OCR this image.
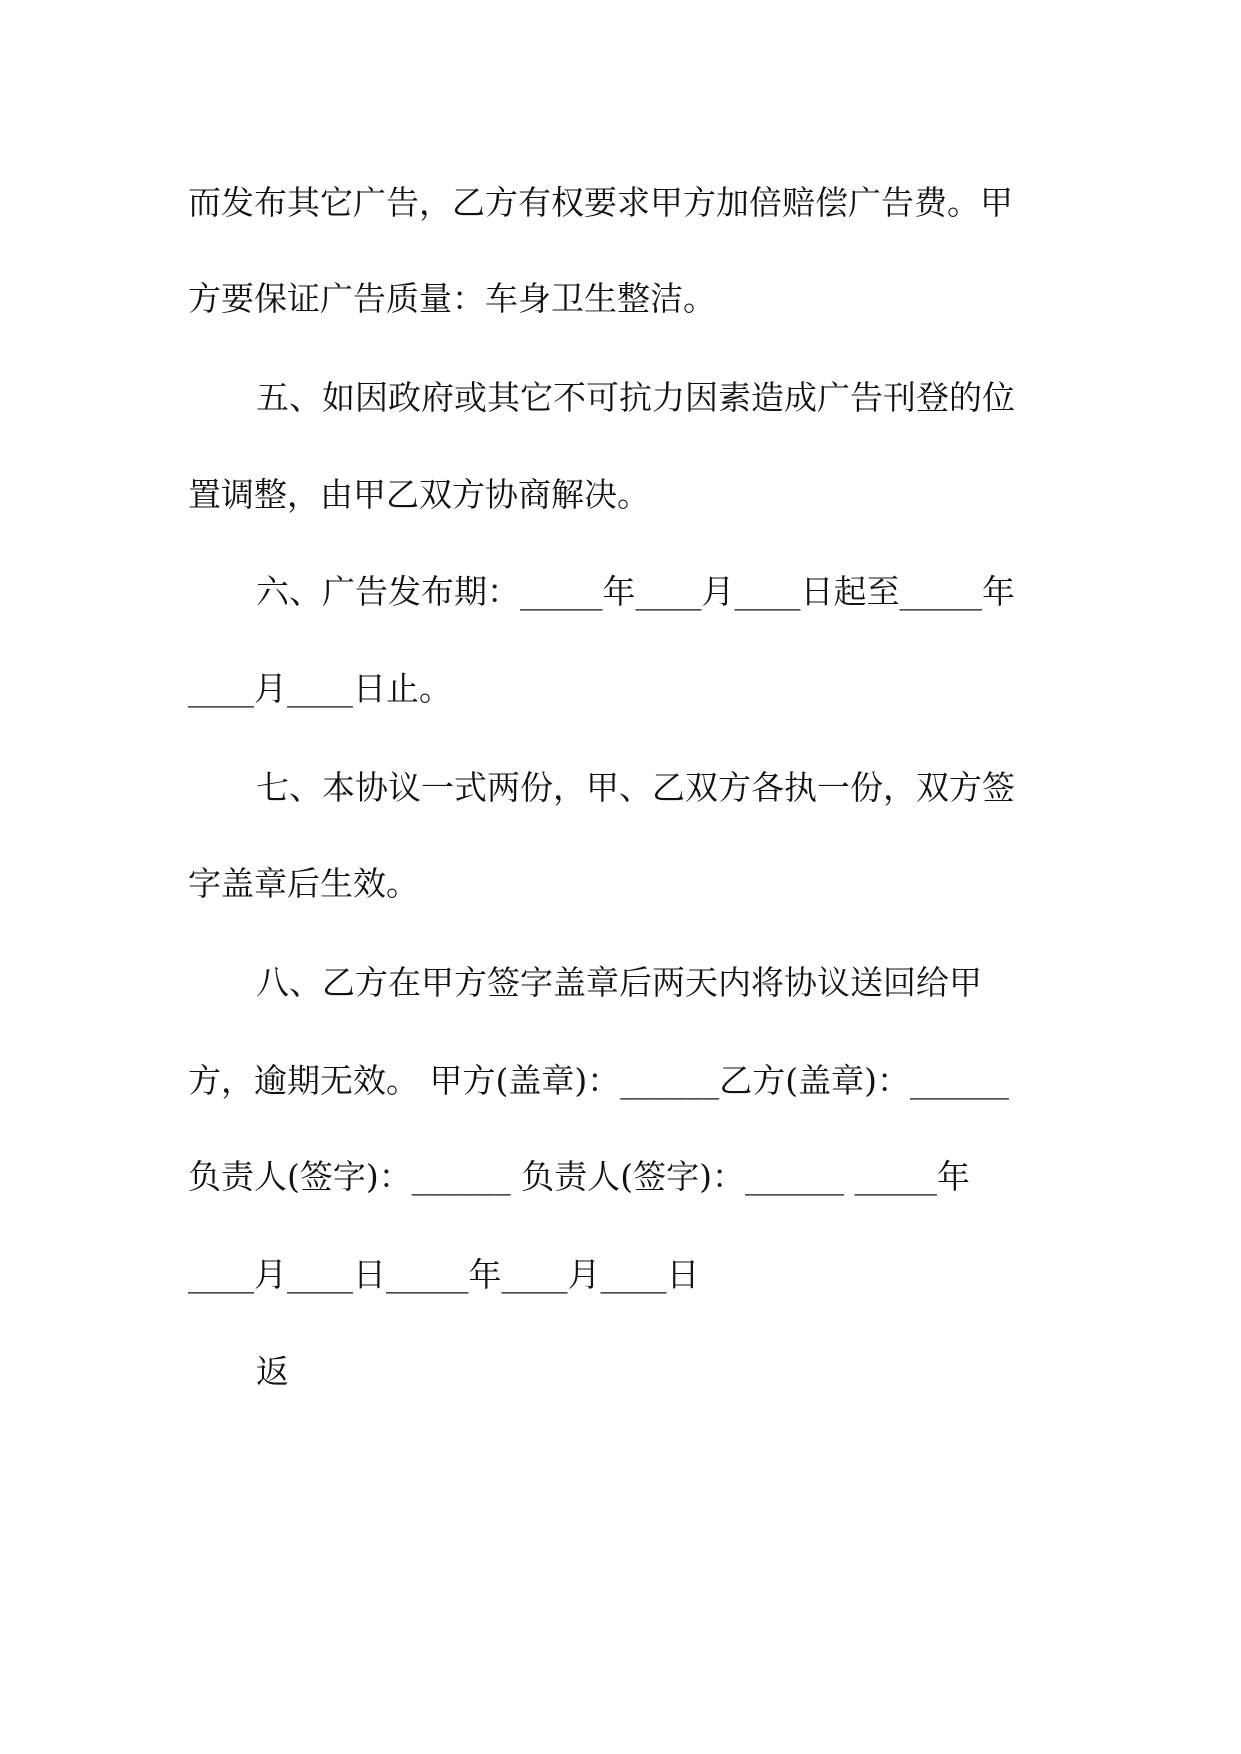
而发布其它广告，乙方有权要求甲方加倍赔偿广告费。甲
方要保证广告质量：车身卫生整洁。
五、如因政府或其它不可抗力因素造成广告刊登的位
置调整，由甲乙双方协商解决。
六、广告发布期：_____年____月____日起至_____年
____月____日止。
七、本协议一式两份，甲、乙双方各执一份，双方签
字盖章后生效。
八、乙方在甲方签字盖章后两天内将协议送回给甲
方，逾期无效。 甲方(盖章)：______乙方(盖章)：______
负责人(签字)：______ 负责人(签字)：______ _____年
____月____日_____年____月____日
返
